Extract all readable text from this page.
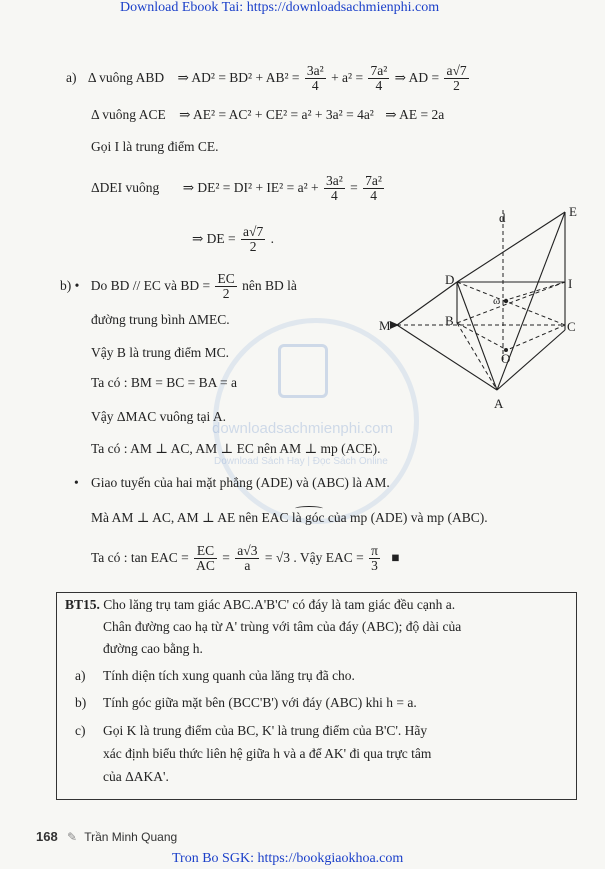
Download Ebook Tai: https://downloadsachmienphi.com
Tron Bo SGK: https://bookgiaokhoa.com
downloadsachmienphi.com
Download Sách Hay | Đọc Sách Online
a) Δ vuông ABD ⇒ $AD^2 = BD^2 + AB^2 = \frac{\text{3a²}}{4} + a^2 = \frac{\text{7a²}}{4}$ ⇒ AD = $\frac{a√7}{2}$
Δ vuông ACE ⇒ AE² = AC² + CE² = a² + 3a² = 4a² ⇒ AE = 2a
Gọi I là trung điểm CE.
ΔDEI vuông ⇒ $DE^2 = DI^2 + IE^2 = a^2 + \frac{\text{3a²}}{4} = \frac{\text{7a²}}{4}$
⇒ DE = $\frac{a√7}{2}$ .
b) • Do BD // EC và BD = $\frac{EC}{2}$ nên BD là
đường trung bình ΔMEC.
Vậy B là trung điểm MC.
Ta có : BM = BC = BA = a
Vậy ΔMAC vuông tại A.
Ta có : AM ⊥ AC, AM ⊥ EC nên AM ⊥ mp (ACE).
• Giao tuyến của hai mặt phẳng (ADE) và (ABC) là AM.
Mà AM ⊥ AC, AM ⊥ AE nên EAC là góc của mp (ADE) và mp (ABC).
Ta có : tan EAC = $\frac{EC}{AC} = \frac{a√3}{a} = √3$ . Vậy EAC = $\frac{\pi}{3}$ ■
E
d
D	I
ω
M	B	C
O
A
BT15. Cho lăng trụ tam giác ABC.A'B'C' có đáy là tam giác đều cạnh a.
Chân đường cao hạ từ A' trùng với tâm của đáy (ABC); độ dài của
đường cao bằng h.
a) Tính diện tích xung quanh của lăng trụ đã cho.
b) Tính góc giữa mặt bên (BCC'B') với đáy (ABC) khi h = a.
c) Gọi K là trung điểm của BC, K' là trung điểm của B'C'. Hãy
xác định biểu thức liên hệ giữa h và a để AK' đi qua trực tâm
của ΔAKA'.
168 ✎ Trần Minh Quang
